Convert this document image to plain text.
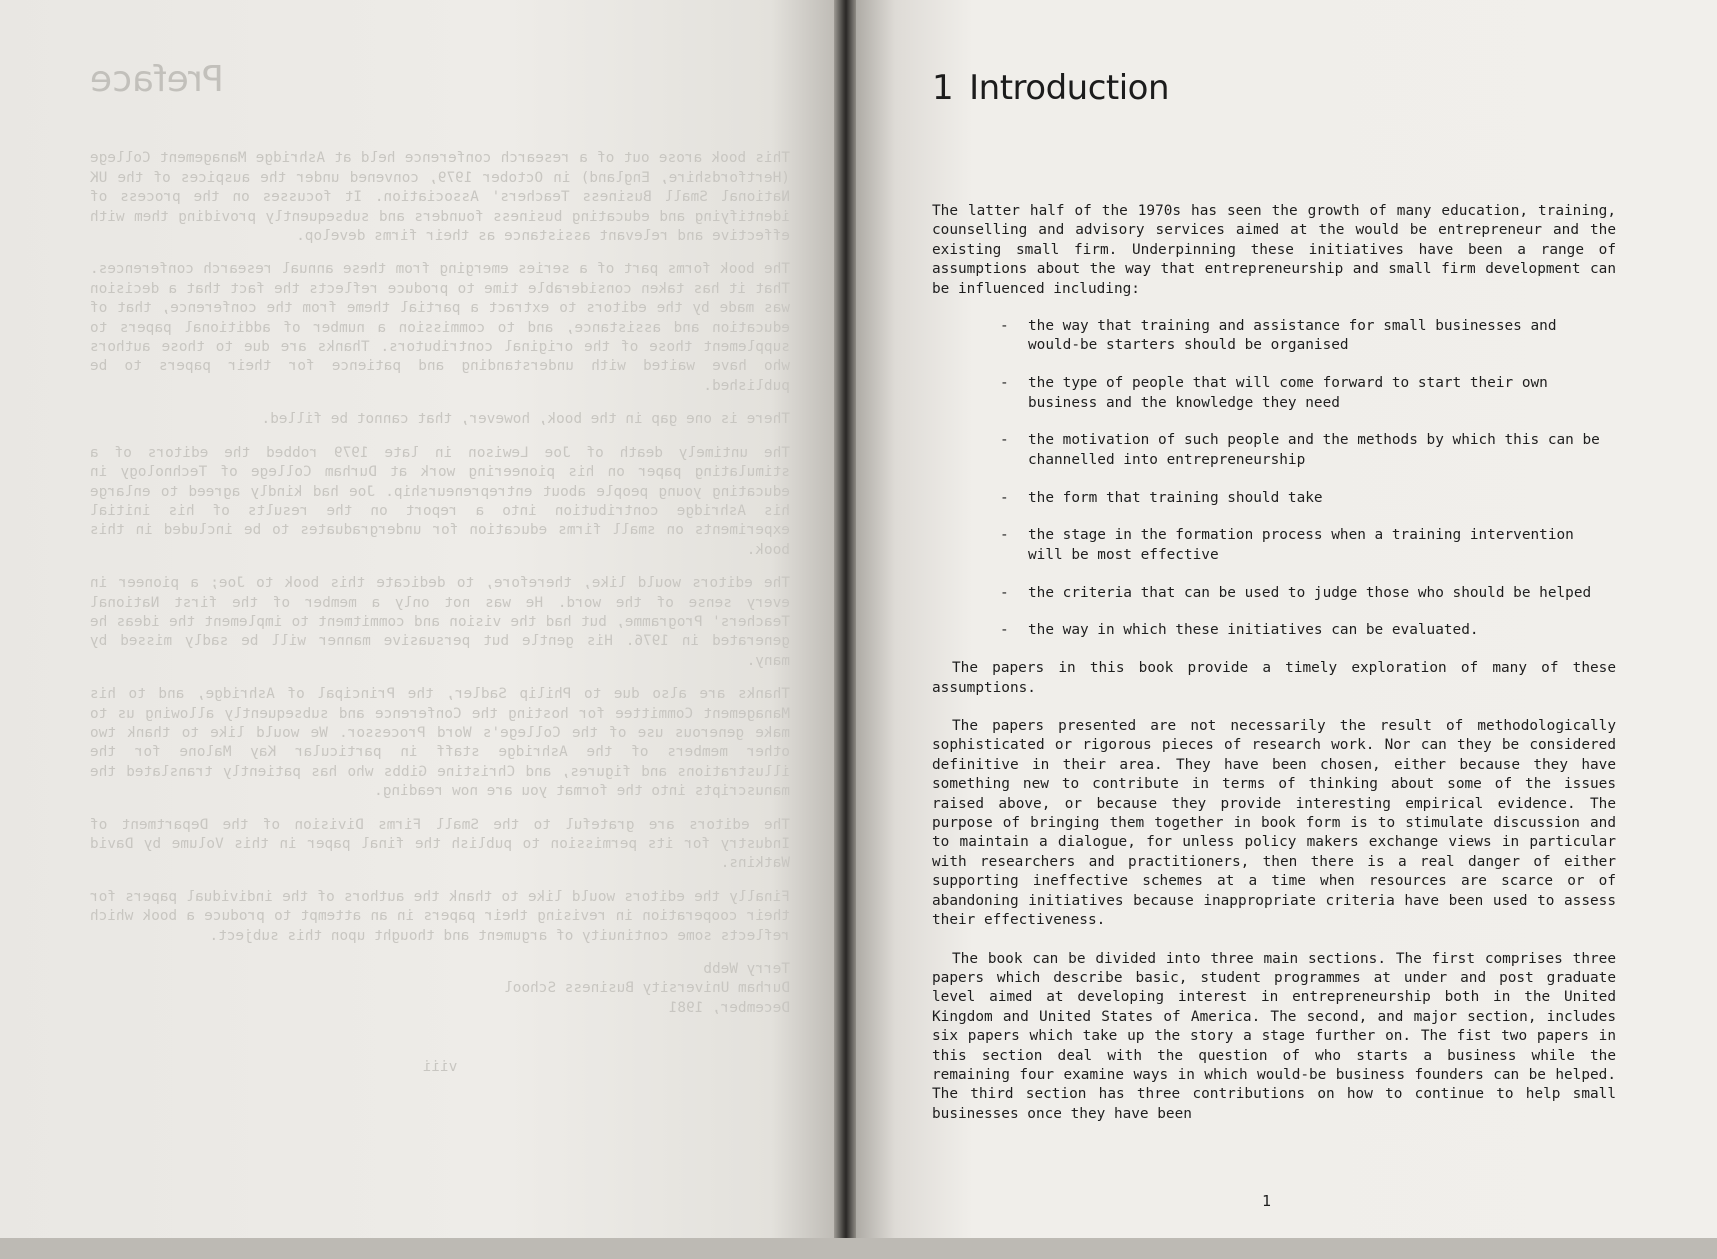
Preface

This book arose out of a research conference held at Ashridge Management College (Hertfordshire, England) in October 1979, convened under the auspices of the UK National Small Business Teachers' Association. It focusses on the process of identifying and educating business founders and subsequently providing them with effective and relevant assistance as their firms develop.

The book forms part of a series emerging from these annual research conferences. That it has taken considerable time to produce reflects the fact that a decision was made by the editors to extract a partial theme from the conference, that of education and assistance, and to commission a number of additional papers to supplement those of the original contributors. Thanks are due to those authors who have waited with understanding and patience for their papers to be published.

There is one gap in the book, however, that cannot be filled.

The untimely death of Joe Lewison in late 1979 robbed the editors of a stimulating paper on his pioneering work at Durham College of Technology in educating young people about entrepreneurship. Joe had kindly agreed to enlarge his Ashridge contribution into a report on the results of his initial experiments on small firms education for undergraduates to be included in this book.

The editors would like, therefore, to dedicate this book to Joe; a pioneer in every sense of the word. He was not only a member of the first National Teachers' Programme, but had the vision and commitment to implement the ideas he generated in 1976. His gentle but persuasive manner will be sadly missed by many.

Thanks are also due to Philip Sadler, the Principal of Ashridge, and to his Management Committee for hosting the Conference and subsequently allowing us to make generous use of the College's Word Processor. We would like to thank two other members of the Ashridge staff in particular Kay Malone for the illustrations and figures, and Christine Gibbs who has patiently translated the manuscripts into the format you are now reading.

The editors are grateful to the Small Firms Division of the Department of Industry for its permission to publish the final paper in this Volume by David Watkins.

Finally the editors would like to thank the authors of the individual papers for their cooperation in revising their papers in an attempt to produce a book which reflects some continuity of argument and thought upon this subject.

Terry Webb

Durham University Business School

December, 1981

viii
1 Introduction

The latter half of the 1970s has seen the growth of many education, training, counselling and advisory services aimed at the would be entrepreneur and the existing small firm. Underpinning these initiatives have been a range of assumptions about the way that entrepreneurship and small firm development can be influenced including:

- the way that training and assistance for small businesses and would-be starters should be organised
- the type of people that will come forward to start their own business and the knowledge they need
- the motivation of such people and the methods by which this can be channelled into entrepreneurship
- the form that training should take
- the stage in the formation process when a training intervention will be most effective
- the criteria that can be used to judge those who should be helped
- the way in which these initiatives can be evaluated.

The papers in this book provide a timely exploration of many of these assumptions.

The papers presented are not necessarily the result of methodologically sophisticated or rigorous pieces of research work. Nor can they be considered definitive in their area. They have been chosen, either because they have something new to contribute in terms of thinking about some of the issues raised above, or because they provide interesting empirical evidence. The purpose of bringing them together in book form is to stimulate discussion and to maintain a dialogue, for unless policy makers exchange views in particular with researchers and practitioners, then there is a real danger of either supporting ineffective schemes at a time when resources are scarce or of abandoning initiatives because inappropriate criteria have been used to assess their effectiveness.

The book can be divided into three main sections. The first comprises three papers which describe basic, student programmes at under and post graduate level aimed at developing interest in entrepreneurship both in the United Kingdom and United States of America. The second, and major section, includes six papers which take up the story a stage further on. The fist two papers in this section deal with the question of who starts a business while the remaining four examine ways in which would-be business founders can be helped. The third section has three contributions on how to continue to help small businesses once they have been

1
